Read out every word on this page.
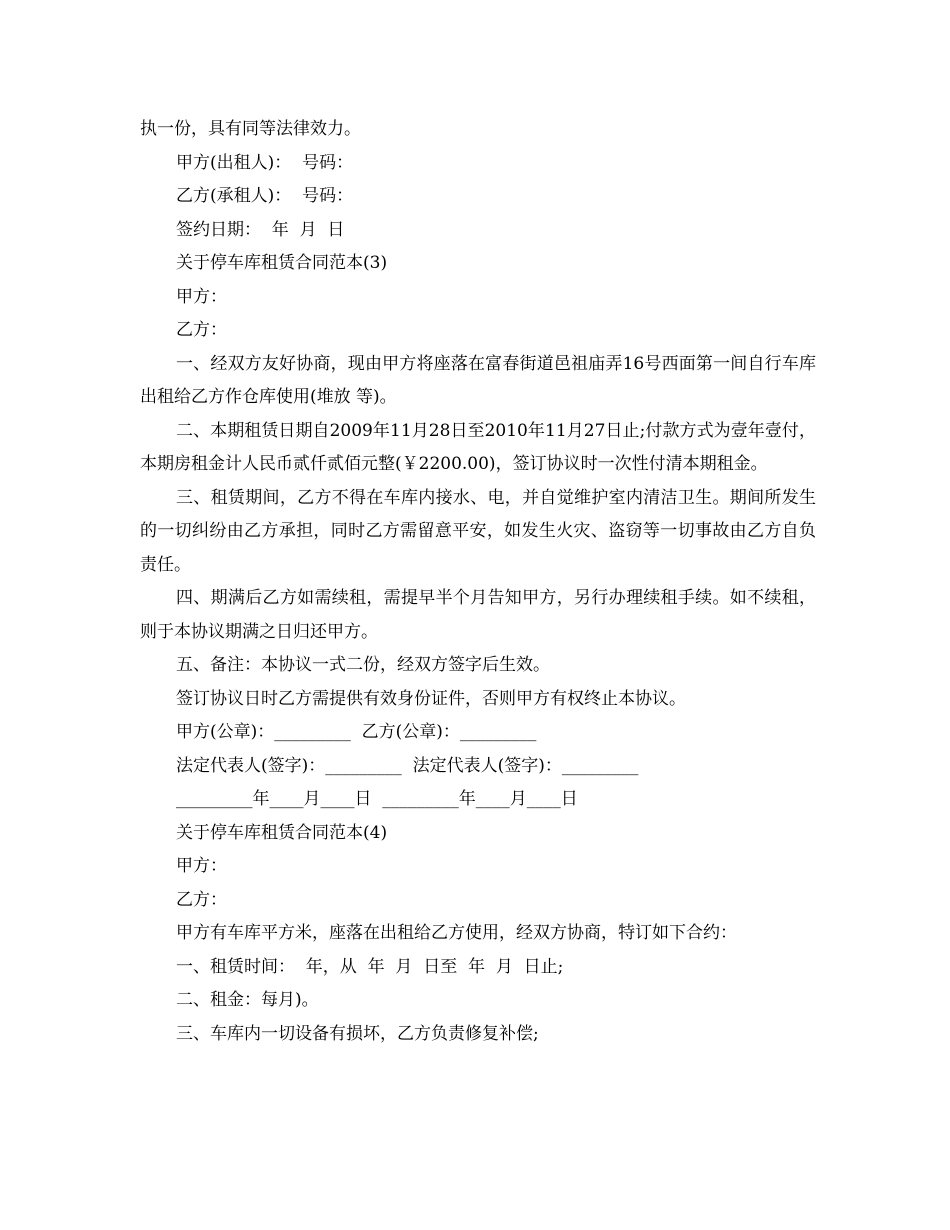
执一份，具有同等法律效力。

甲方(出租人)：  号码：

乙方(承租人)：  号码：

签约日期：  年  月  日

关于停车库租赁合同范本(3)

甲方：

乙方：

一、经双方友好协商，现由甲方将座落在富春街道邑祖庙弄16号西面第一间自行车库出租给乙方作仓库使用(堆放 等)。

二、本期租赁日期自2009年11月28日至2010年11月27日止;付款方式为壹年壹付，本期房租金计人民币贰仟贰佰元整(￥2200.00)，签订协议时一次性付清本期租金。

三、租赁期间，乙方不得在车库内接水、电，并自觉维护室内清洁卫生。期间所发生的一切纠纷由乙方承担，同时乙方需留意平安，如发生火灾、盗窃等一切事故由乙方自负责任。

四、期满后乙方如需续租，需提早半个月告知甲方，另行办理续租手续。如不续租，则于本协议期满之日归还甲方。

五、备注：本协议一式二份，经双方签字后生效。

签订协议日时乙方需提供有效身份证件，否则甲方有权终止本协议。

甲方(公章)：_________  乙方(公章)：_________

法定代表人(签字)：_________  法定代表人(签字)：_________

_________年____月____日  _________年____月____日

关于停车库租赁合同范本(4)

甲方：

乙方：

甲方有车库平方米，座落在出租给乙方使用，经双方协商，特订如下合约：

一、租赁时间：  年，从  年  月  日至  年  月  日止;

二、租金：每月)。

三、车库内一切设备有损坏，乙方负责修复补偿;
